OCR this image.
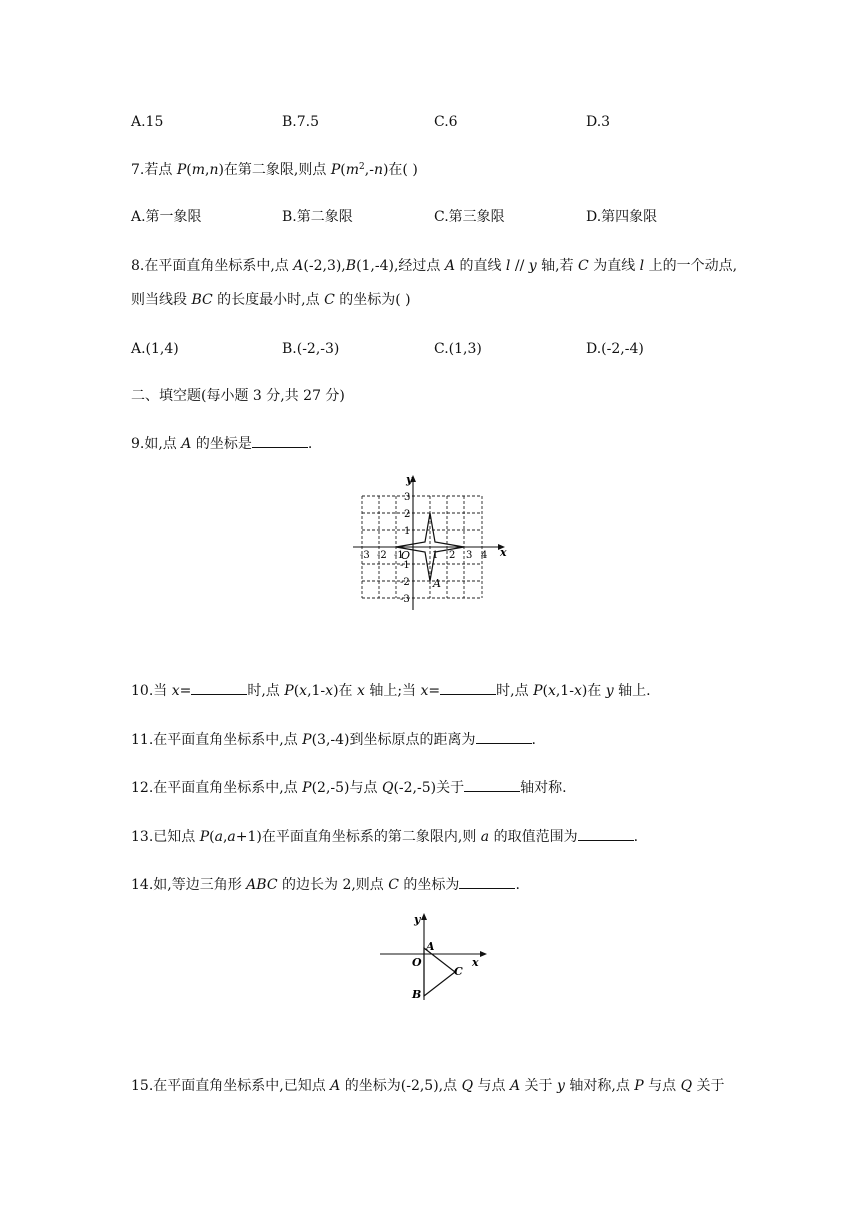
A.15	B.7.5	C.6	D.3
7.若点 P(m,n)在第二象限,则点 $P(m^2,-n)$在( )
A.第一象限	B.第二象限	C.第三象限	D.第四象限
8.在平面直角坐标系中,点 A(-2,3),B(1,-4),经过点 A 的直线 l // y 轴,若 C 为直线 l 上的一个动点,
则当线段 BC 的长度最小时,点 C 的坐标为( )
A.(1,4)	B.(-2,-3)	C.(1,3)	D.(-2,-4)
二、填空题(每小题 3 分,共 27 分)
9.如,点 A 的坐标是	.
y
x
O
A
-3 -2 -1	1 2 3 4
3
2
1
-1
-2
-3
10.当 x=	时,点 P(x,1-x)在 x 轴上;当 x=	时,点 P(x,1-x)在 y 轴上.
11.在平面直角坐标系中,点 P(3,-4)到坐标原点的距离为	.
12.在平面直角坐标系中,点 P(2,-5)与点 Q(-2,-5)关于	轴对称.
13.已知点 P(a,a+1)在平面直角坐标系的第二象限内,则 a 的取值范围为	.
14.如,等边三角形 ABC 的边长为 2,则点 C 的坐标为	.
y
x
O
A
B
C
15.在平面直角坐标系中,已知点 A 的坐标为(-2,5),点 Q 与点 A 关于 y 轴对称,点 P 与点 Q 关于
